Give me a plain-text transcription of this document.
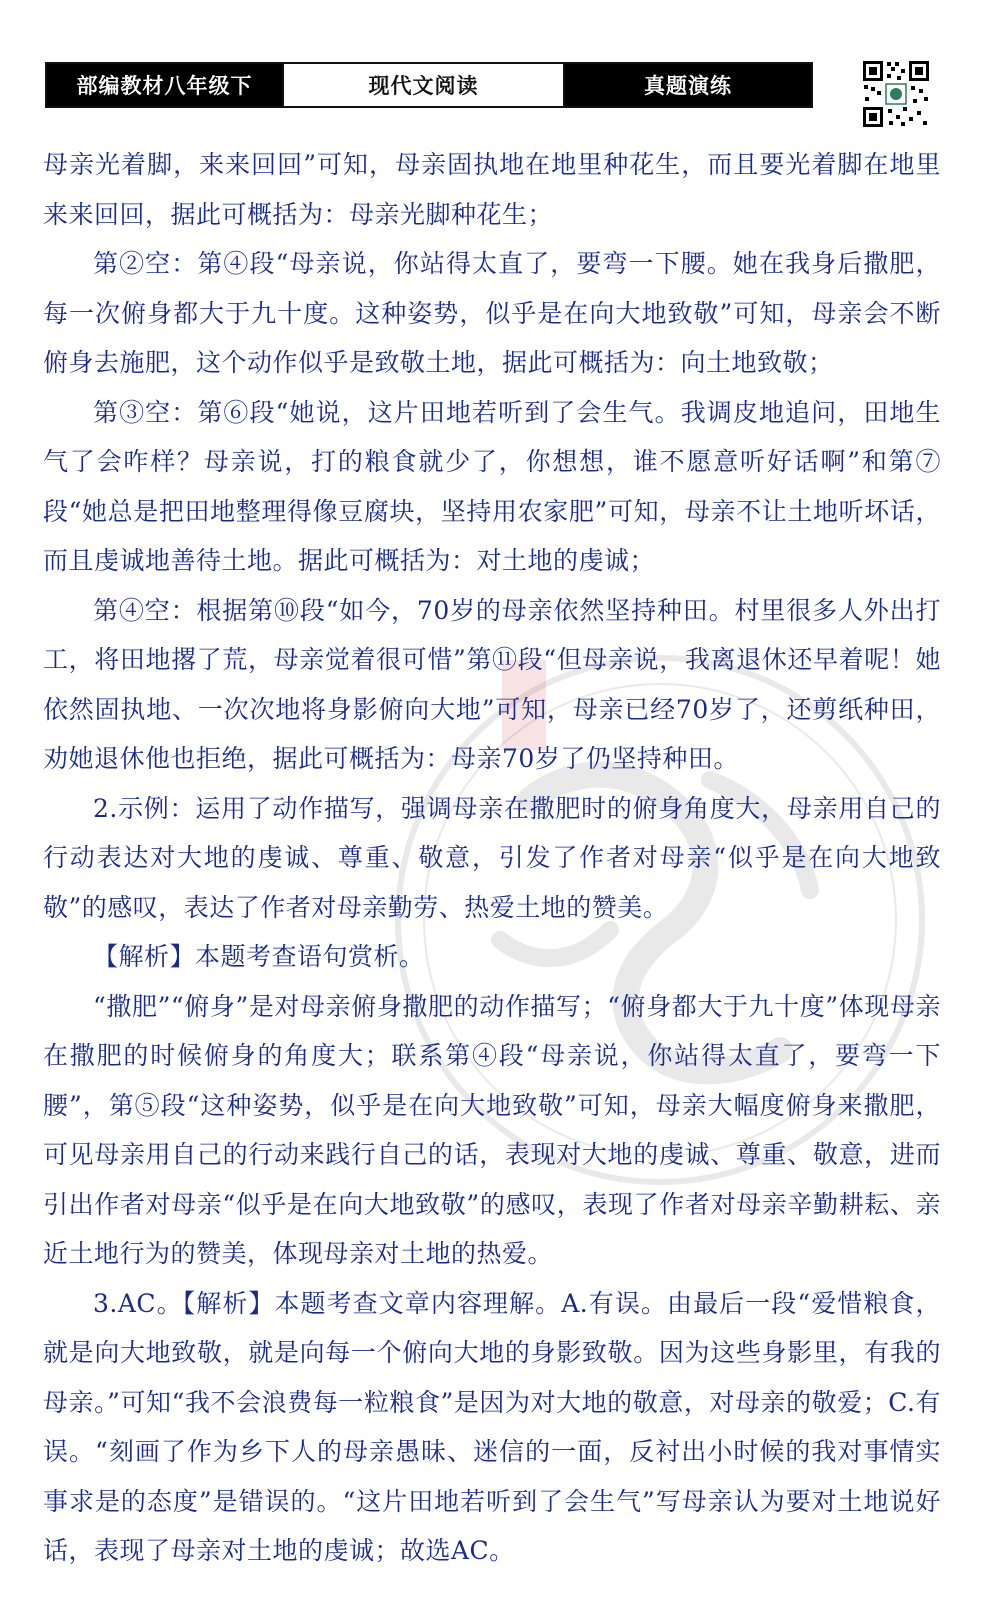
部编教材八年级下	现代文阅读	真题演练

母亲光着脚，来来回回”可知，母亲固执地在地里种花生，而且要光着脚在地里来来回回，据此可概括为：母亲光脚种花生；

第②空：第④段“母亲说，你站得太直了，要弯一下腰。她在我身后撒肥，每一次俯身都大于九十度。这种姿势，似乎是在向大地致敬”可知，母亲会不断俯身去施肥，这个动作似乎是致敬土地，据此可概括为：向土地致敬；

第③空：第⑥段“她说，这片田地若听到了会生气。我调皮地追问，田地生气了会咋样？母亲说，打的粮食就少了，你想想，谁不愿意听好话啊”和第⑦段“她总是把田地整理得像豆腐块，坚持用农家肥”可知，母亲不让土地听坏话，而且虔诚地善待土地。据此可概括为：对土地的虔诚；

第④空：根据第⑩段“如今，70岁的母亲依然坚持种田。村里很多人外出打工，将田地撂了荒，母亲觉着很可惜”第⑪段“但母亲说，我离退休还早着呢！她依然固执地、一次次地将身影俯向大地”可知，母亲已经70岁了，还剪纸种田，劝她退休他也拒绝，据此可概括为：母亲70岁了仍坚持种田。

2.示例：运用了动作描写，强调母亲在撒肥时的俯身角度大，母亲用自己的行动表达对大地的虔诚、尊重、敬意，引发了作者对母亲“似乎是在向大地致敬”的感叹，表达了作者对母亲勤劳、热爱土地的赞美。

【解析】本题考查语句赏析。

“撒肥”“俯身”是对母亲俯身撒肥的动作描写；“俯身都大于九十度”体现母亲在撒肥的时候俯身的角度大；联系第④段“母亲说，你站得太直了，要弯一下腰”，第⑤段“这种姿势，似乎是在向大地致敬”可知，母亲大幅度俯身来撒肥，可见母亲用自己的行动来践行自己的话，表现对大地的虔诚、尊重、敬意，进而引出作者对母亲“似乎是在向大地致敬”的感叹，表现了作者对母亲辛勤耕耘、亲近土地行为的赞美，体现母亲对土地的热爱。

3.AC。【解析】本题考查文章内容理解。A.有误。由最后一段“爱惜粮食，就是向大地致敬，就是向每一个俯向大地的身影致敬。因为这些身影里，有我的母亲。”可知“我不会浪费每一粒粮食”是因为对大地的敬意，对母亲的敬爱；C.有误。“刻画了作为乡下人的母亲愚昧、迷信的一面，反衬出小时候的我对事情实事求是的态度”是错误的。“这片田地若听到了会生气”写母亲认为要对土地说好话，表现了母亲对土地的虔诚；故选AC。
